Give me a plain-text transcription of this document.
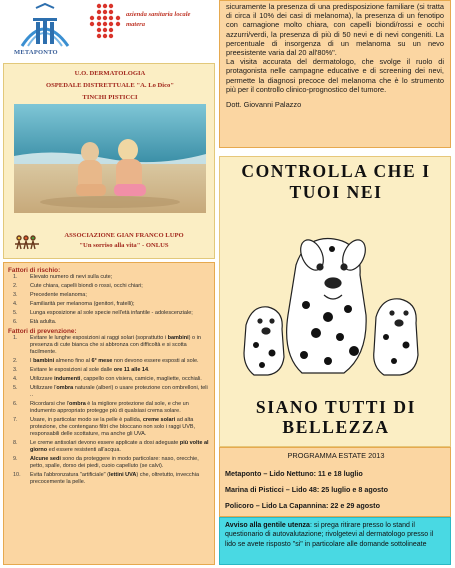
METAPONTO
azienda sanitaria locale
matera
U.O. DERMATOLOGIA
OSPEDALE DISTRETTUALE "A. Lo Dico"
TINCHI PISTICCI
ASSOCIAZIONE GIAN FRANCO LUPO
"Un sorriso alla vita" - ONLUS
Fattori di rischio:
1. Elevato numero di nevi sulla cute;
2. Cute chiara, capelli biondi o rossi, occhi chiari;
3. Precedente melanoma;
4. Familiarità per melanoma (genitori, fratelli);
5. Lunga esposizione al sole specie nell'età infantile - adolescenziale;
6. Età adulta.
Fattori di prevenzione:
1. Evitare le lunghe esposizioni ai raggi solari (soprattutto i bambini) o in presenza di cute bianca che si abbronza con difficoltà e si scotta facilmente.
2. I bambini almeno fino al 6° mese non devono essere esposti al sole.
3. Evitare le esposizioni al sole dalle ore 11 alle 14.
4. Utilizzare indumenti, cappello con visiera, camicie, magliette, occhiali.
5. Utilizzare l'ombra naturale (alberi) o usare protezione con ombrelloni, teli ..
6. Ricordarsi che l'ombra è la migliore protezione dal sole, e che un indumento appropriato protegge più di qualsiasi crema solare.
7. Usare, in particolar modo se la pelle è pallida, creme solari ad alta protezione, che contengano filtri che bloccano non solo i raggi UVB, responsabili delle scottature, ma anche gli UVA.
8. Le creme antisolari devono essere applicate a dosi adeguate più volte al giorno ed essere resistenti all'acqua.
9. Alcune sedi sono da proteggere in modo particolare: naso, orecchie, petto, spalle, dorso dei piedi, cuoio capelluto (se calvi).
10. Evita l'abbronzatura "artificiale" (lettini UVA) che, oltretutto, invecchia precocemente la pelle.

sicuramente la presenza di una predisposizione familiare (si tratta di circa il 10% dei casi di melanoma), la presenza di un fenotipo con carnagione molto chiara, con capelli biondi/rossi e occhi azzurri/verdi, la presenza di più di 50 nevi e di nevi congeniti. La percentuale di insorgenza di un melanoma su un nevo preesistente varia dal 20 all'80%".

La visita accurata del dermatologo, che svolge il ruolo di protagonista nelle campagne educative e di screening dei nevi, permette la diagnosi precoce del melanoma che è lo strumento più per il controllo clinico-prognostico del tumore.

Dott. Giovanni Palazzo

CONTROLLA CHE I
TUOI NEI
SIANO TUTTI DI
BELLEZZA
PROGRAMMA ESTATE 2013
Metaponto – Lido Nettuno: 11 e 18 luglio
Marina di Pisticci – Lido 48: 25 luglio e 8 agosto
Policoro – Lido La Capannina: 22 e 29 agosto

Avviso alla gentile utenza: si prega ritirare presso lo stand il questionario di autovalutazione; rivolgetevi al dermatologo presso il lido se avete risposto "si" in particolare alle domande sottolineate
